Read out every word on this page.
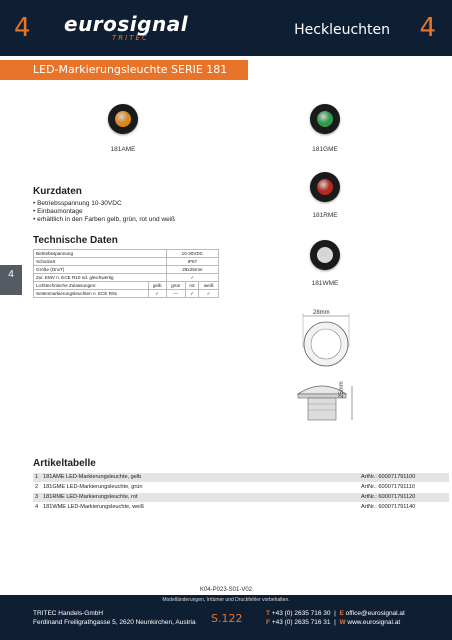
4 eurosignal
TRITEC	Heckleuchten 4
LED-Markierungsleuchte SERIE 181
4
181AME	181GME
181RME
181WME
28mm
25mm
Kurzdaten
• Betriebsspannung 10-30VDC
• Einbaumontage
• erhältlich in den Farben gelb, grün, rot und weiß
Technische Daten
Betriebsspannung		10-30VDC		
Schutzart		IP67		
Größe (DnxT)		28x25mm		
Zul. EMV n. ECE R10 od. gleichwertig		✓		
Lichttechnische Zulassungen:	gelb	grün	rot	weiß
Seitenmarkierungsleuchten n. ECE R91	✓	—	✓	✓
Artikeltabelle
1 181AME LED-Markierungsleuchte, gelb	ArtNr.: 600071791100
2 181GME LED-Markierungsleuchte, grün	ArtNr.: 600071791110
3 181RME LED-Markierungsleuchte, rot	ArtNr.: 600071791120
4 181WME LED-Markierungsleuchte, weiß	ArtNr.: 600071791140
K04-P023-S01-V02
Modelländerungen, Irrtümer und Druckfehler vorbehalten.
TRITEC Handels-GmbH
Ferdinand Freiligrathgasse 5, 2620 Neunkirchen, Austria S.122	T +43 (0) 2635 716 30  |  E office@eurosignal.at
F +43 (0) 2635 716 31  |  W www.eurosignal.at
